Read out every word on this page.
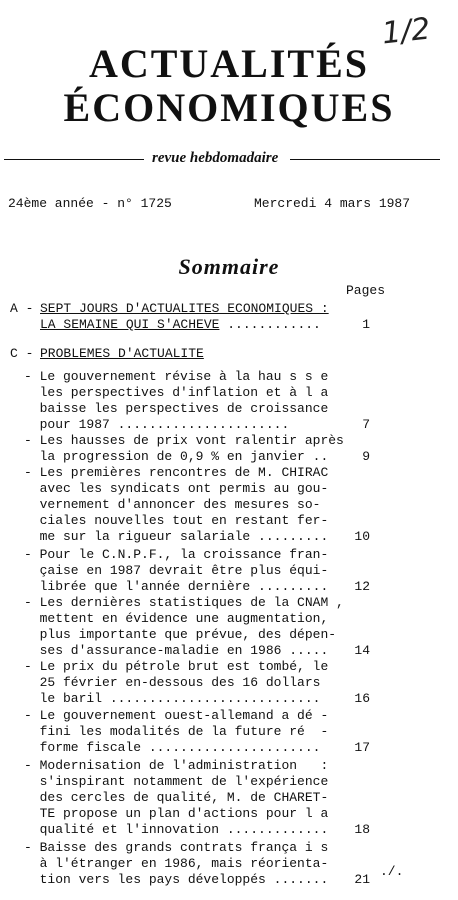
1/2
ACTUALITÉS
ÉCONOMIQUES
revue hebdomadaire
24ème année - n° 1725	Mercredi 4 mars 1987
Sommaire
Pages
A - SEPT JOURS D'ACTUALITES ECONOMIQUES :
LA SEMAINE QUI S'ACHEVE ............	1
C - PROBLEMES D'ACTUALITE
- Le gouvernement révise à la hau s s e
les perspectives d'inflation et à l a
baisse les perspectives de croissance
pour 1987 ......................	7
- Les hausses de prix vont ralentir après
la progression de 0,9 % en janvier ..	9
- Les premières rencontres de M. CHIRAC
avec les syndicats ont permis au gou-
vernement d'annoncer des mesures so-
ciales nouvelles tout en restant fer-
me sur la rigueur salariale .........	10
- Pour le C.N.P.F., la croissance fran-
çaise en 1987 devrait être plus équi-
librée que l'année dernière .........	12
- Les dernières statistiques de la CNAM ,
mettent en évidence une augmentation,
plus importante que prévue, des dépen-
ses d'assurance-maladie en 1986 .....	14
- Le prix du pétrole brut est tombé, le
25 février en-dessous des 16 dollars
le baril ...........................	16
- Le gouvernement ouest-allemand a dé -
fini les modalités de la future ré  -
forme fiscale ......................	17
- Modernisation de l'administration   :
s'inspirant notamment de l'expérience
des cercles de qualité, M. de CHARET-
TE propose un plan d'actions pour l a
qualité et l'innovation .............	18
- Baisse des grands contrats frança i s
à l'étranger en 1986, mais réorienta-
tion vers les pays développés .......	21
./.
